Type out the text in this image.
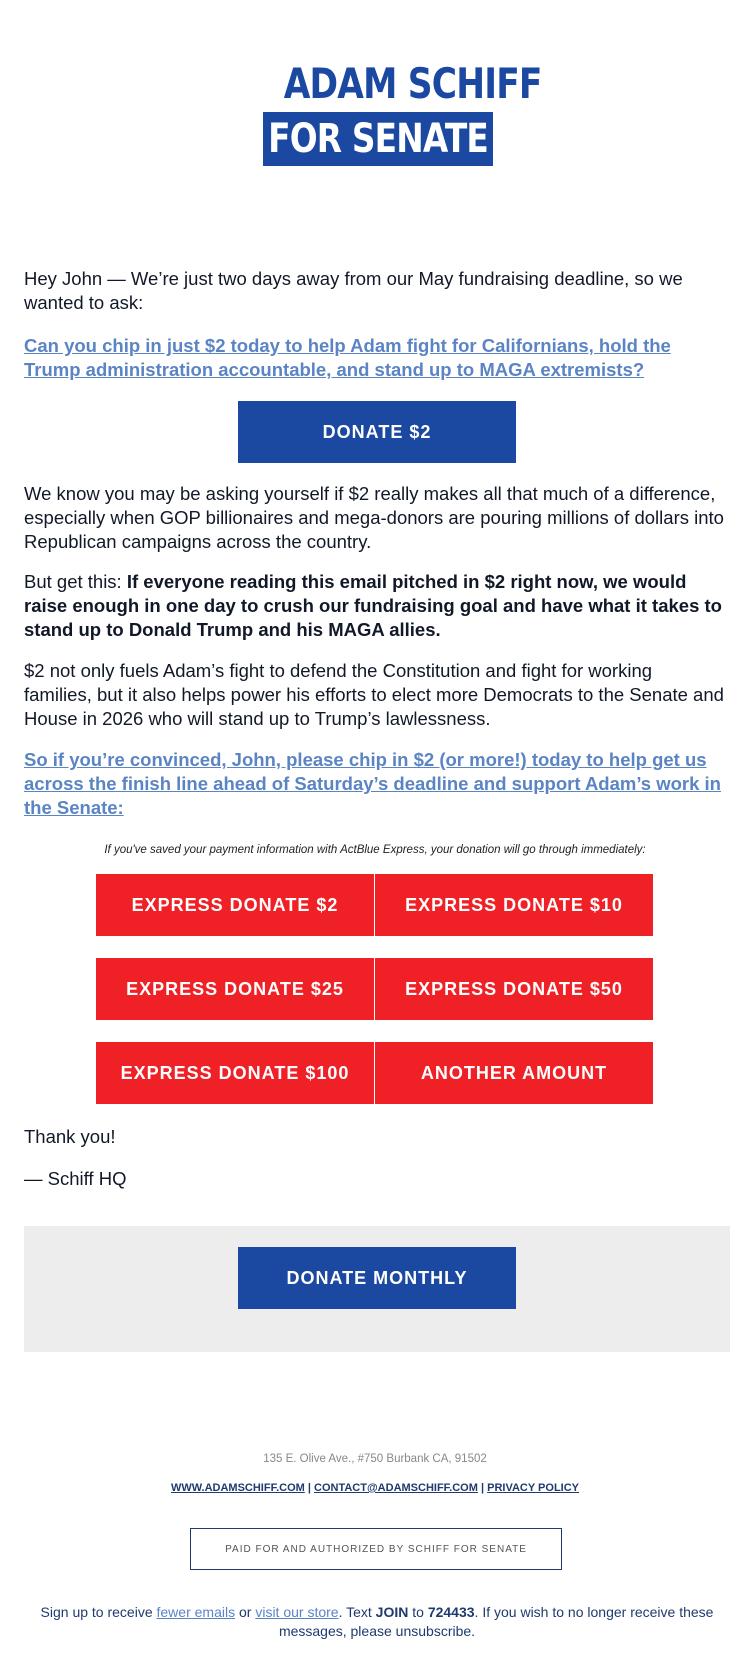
ADAM SCHIFF
FOR SENATE
Hey John — We’re just two days away from our May fundraising deadline, so we wanted to ask:
Can you chip in just $2 today to help Adam fight for Californians, hold the Trump administration accountable, and stand up to MAGA extremists?
DONATE $2
We know you may be asking yourself if $2 really makes all that much of a difference, especially when GOP billionaires and mega-donors are pouring millions of dollars into Republican campaigns across the country.
But get this: If everyone reading this email pitched in $2 right now, we would raise enough in one day to crush our fundraising goal and have what it takes to stand up to Donald Trump and his MAGA allies.
$2 not only fuels Adam’s fight to defend the Constitution and fight for working families, but it also helps power his efforts to elect more Democrats to the Senate and House in 2026 who will stand up to Trump’s lawlessness.
So if you’re convinced, John, please chip in $2 (or more!) today to help get us across the finish line ahead of Saturday’s deadline and support Adam’s work in the Senate:
If you've saved your payment information with ActBlue Express, your donation will go through immediately:
EXPRESS DONATE $2	EXPRESS DONATE $10
EXPRESS DONATE $25	EXPRESS DONATE $50
EXPRESS DONATE $100	ANOTHER AMOUNT
Thank you!
— Schiff HQ
DONATE MONTHLY
135 E. Olive Ave., #750 Burbank CA, 91502
WWW.ADAMSCHIFF.COM | CONTACT@ADAMSCHIFF.COM | PRIVACY POLICY
PAID FOR AND AUTHORIZED BY SCHIFF FOR SENATE
Sign up to receive fewer emails or visit our store. Text JOIN to 724433. If you wish to no longer receive these messages, please unsubscribe.
